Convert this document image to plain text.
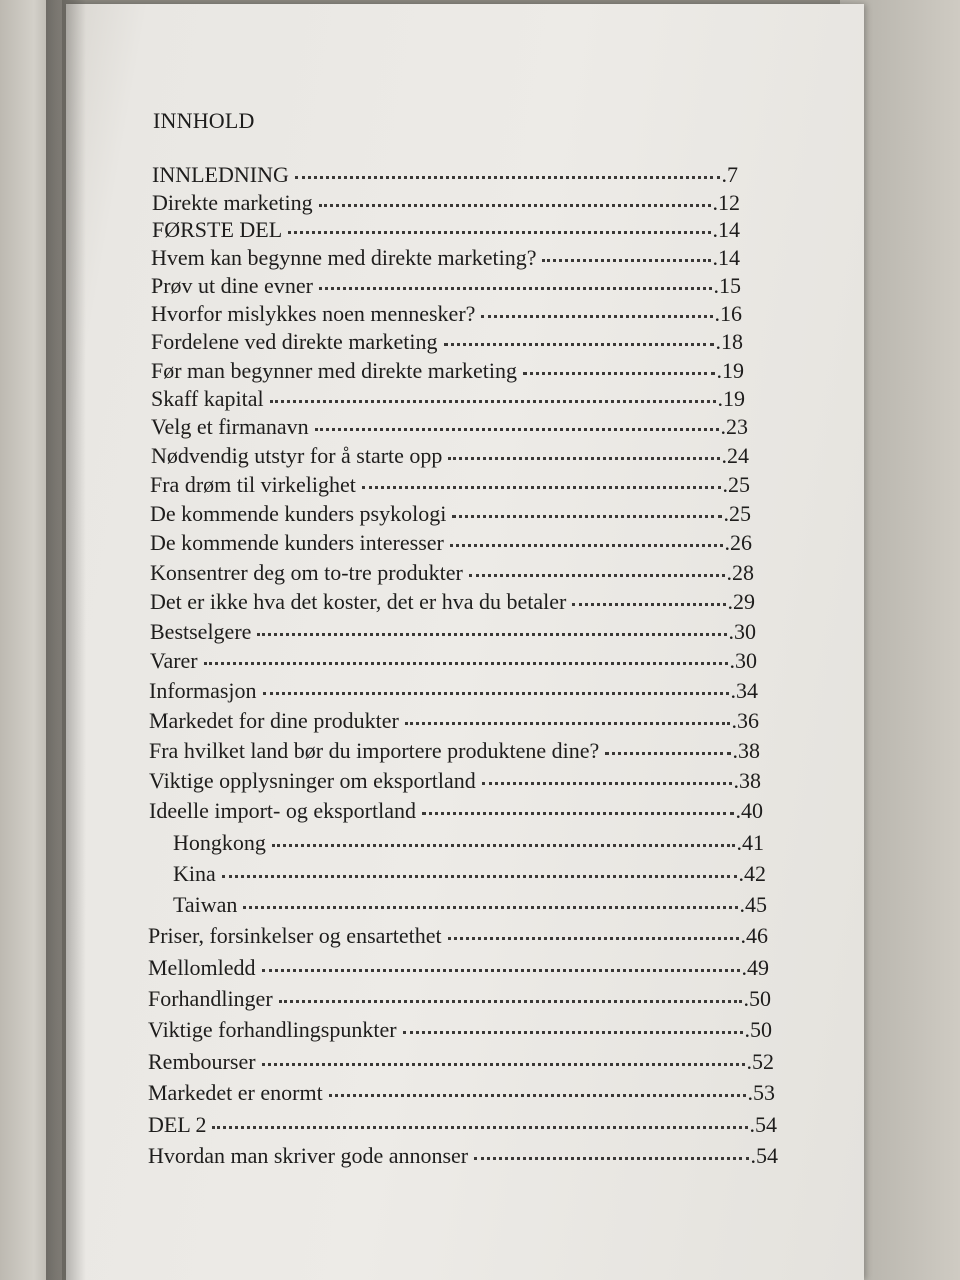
INNHOLD
INNLEDNING	.7
Direkte marketing	.12
FØRSTE DEL	.14
Hvem kan begynne med direkte marketing?	.14
Prøv ut dine evner	.15
Hvorfor mislykkes noen mennesker?	.16
Fordelene ved direkte marketing	.18
Før man begynner med direkte marketing	.19
Skaff kapital	.19
Velg et firmanavn	.23
Nødvendig utstyr for å starte opp	.24
Fra drøm til virkelighet	.25
De kommende kunders psykologi	.25
De kommende kunders interesser	.26
Konsentrer deg om to-tre produkter	.28
Det er ikke hva det koster, det er hva du betaler	.29
Bestselgere	.30
Varer	.30
Informasjon	.34
Markedet for dine produkter	.36
Fra hvilket land bør du importere produktene dine?	.38
Viktige opplysninger om eksportland	.38
Ideelle import- og eksportland	.40
Hongkong	.41
Kina	.42
Taiwan	.45
Priser, forsinkelser og ensartethet	.46
Mellomledd	.49
Forhandlinger	.50
Viktige forhandlingspunkter	.50
Rembourser	.52
Markedet er enormt	.53
DEL 2	.54
Hvordan man skriver gode annonser	.54
